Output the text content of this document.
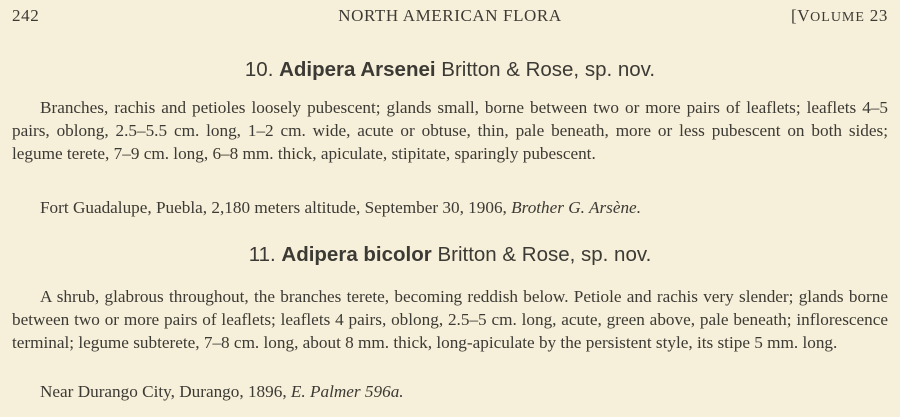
242	NORTH AMERICAN FLORA	[VOLUME 23
10. Adipera Arsenei Britton & Rose, sp. nov.

Branches, rachis and petioles loosely pubescent; glands small, borne between two or more pairs of leaflets; leaflets 4–5 pairs, oblong, 2.5–5.5 cm. long, 1–2 cm. wide, acute or obtuse, thin, pale beneath, more or less pubescent on both sides; legume terete, 7–9 cm. long, 6–8 mm. thick, apiculate, stipitate, sparingly pubescent.

Fort Guadalupe, Puebla, 2,180 meters altitude, September 30, 1906, Brother G. Arsène.

11. Adipera bicolor Britton & Rose, sp. nov.

A shrub, glabrous throughout, the branches terete, becoming reddish below. Petiole and rachis very slender; glands borne between two or more pairs of leaflets; leaflets 4 pairs, oblong, 2.5–5 cm. long, acute, green above, pale beneath; inflorescence terminal; legume subterete, 7–8 cm. long, about 8 mm. thick, long-apiculate by the persistent style, its stipe 5 mm. long.

Near Durango City, Durango, 1896, E. Palmer 596a.
